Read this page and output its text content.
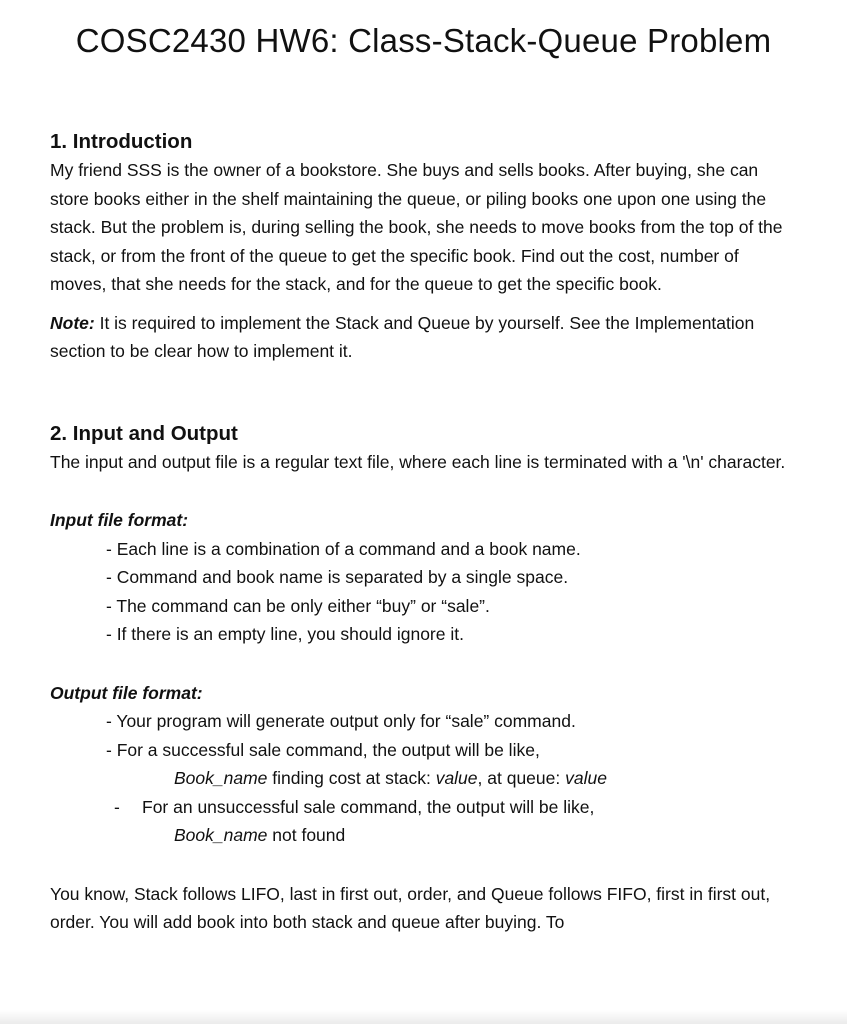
COSC2430 HW6: Class-Stack-Queue Problem
1. Introduction

My friend SSS is the owner of a bookstore. She buys and sells books. After buying, she can store books either in the shelf maintaining the queue, or piling books one upon one using the stack. But the problem is, during selling the book, she needs to move books from the top of the stack, or from the front of the queue to get the specific book. Find out the cost, number of moves, that she needs for the stack, and for the queue to get the specific book.

Note: It is required to implement the Stack and Queue by yourself. See the Implementation section to be clear how to implement it.

2. Input and Output

The input and output file is a regular text file, where each line is terminated with a '\n' character.

Input file format:

- Each line is a combination of a command and a book name.
- Command and book name is separated by a single space.
- The command can be only either “buy” or “sale”.
- If there is an empty line, you should ignore it.

Output file format:

- Your program will generate output only for “sale” command.
- For a successful sale command, the output will be like,
Book_name finding cost at stack: value, at queue: value
- For an unsuccessful sale command, the output will be like,
Book_name not found

You know, Stack follows LIFO, last in first out, order, and Queue follows FIFO, first in first out, order. You will add book into both stack and queue after buying. To
